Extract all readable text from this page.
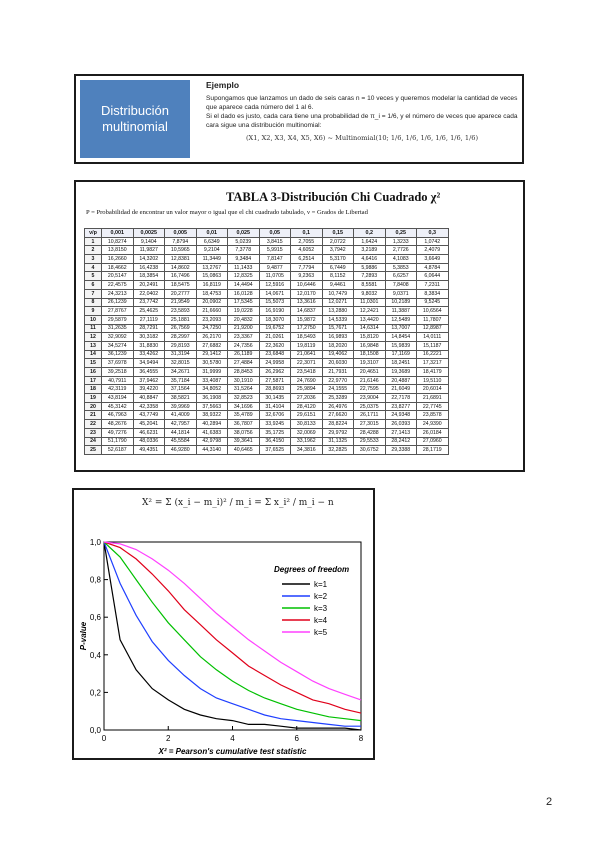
Distribución multinomial
Ejemplo

Supongamos que lanzamos un dado de seis caras n = 10 veces y queremos modelar la cantidad de veces que aparece cada número del 1 al 6.

Si el dado es justo, cada cara tiene una probabilidad de π_i = 1/6, y el número de veces que aparece cada cara sigue una distribución multinomial:

(X1, X2, X3, X4, X5, X6) ~ Multinomial(10; 1/6, 1/6, 1/6, 1/6, 1/6, 1/6)
TABLA 3-Distribución Chi Cuadrado χ²
P = Probabilidad de encontrar un valor mayor o igual que el chi cuadrado tabulado, ν = Grados de Libertad
ν/p	0,001	0,0025	0,005	0,01	0,025	0,05	0,1	0,15	0,2	0,25	0,3
1	10,8274	9,1404	7,8794	6,6349	5,0239	3,8415	2,7055	2,0722	1,6424	1,3233	1,0742
2	13,8150	11,9827	10,5965	9,2104	7,3778	5,9915	4,6052	3,7942	3,2189	2,7726	2,4079
3	16,2660	14,3202	12,8381	11,3449	9,3484	7,8147	6,2514	5,3170	4,6416	4,1083	3,6649
4	18,4662	16,4238	14,8602	13,2767	11,1433	9,4877	7,7794	6,7449	5,9886	5,3853	4,8784
5	20,5147	18,3854	16,7496	15,0863	12,8325	11,0705	9,2363	8,1152	7,2893	6,6257	6,0644
6	22,4575	20,2491	18,5475	16,8119	14,4494	12,5916	10,6446	9,4461	8,5581	7,8408	7,2311
7	24,3213	22,0402	20,2777	18,4753	16,0128	14,0671	12,0170	10,7479	9,8032	9,0371	8,3834
8	26,1239	23,7742	21,9549	20,0902	17,5345	15,5073	13,3616	12,0271	11,0301	10,2189	9,5245
9	27,8767	25,4625	23,5893	21,6660	19,0228	16,9190	14,6837	13,2880	12,2421	11,3887	10,6564
10	29,5879	27,1119	25,1881	23,2093	20,4832	18,3070	15,9872	14,5339	13,4420	12,5489	11,7807
11	31,2635	28,7291	26,7569	24,7250	21,9200	19,6752	17,2750	15,7671	14,6314	13,7007	12,8987
12	32,9092	30,3182	28,2997	26,2170	23,3367	21,0261	18,5493	16,9893	15,8120	14,8454	14,0111
13	34,5274	31,8830	29,8193	27,6882	24,7356	22,3620	19,8119	18,2020	16,9848	15,9839	15,1187
14	36,1239	33,4262	31,3194	29,1412	26,1189	23,6848	21,0641	19,4062	18,1508	17,1169	16,2221
15	37,6978	34,9494	32,8015	30,5780	27,4884	24,9958	22,3071	20,6030	19,3107	18,2451	17,3217
16	39,2518	36,4555	34,2671	31,9999	28,8453	26,2962	23,5418	21,7931	20,4651	19,3689	18,4179
17	40,7911	37,9462	35,7184	33,4087	30,1910	27,5871	24,7690	22,9770	21,6146	20,4887	19,5110
18	42,3119	39,4220	37,1564	34,8052	31,5264	28,8693	25,9894	24,1555	22,7595	21,6049	20,6014
19	43,8194	40,8847	38,5821	36,1908	32,8523	30,1435	27,2036	25,3289	23,9004	22,7178	21,6891
20	45,3142	42,3358	39,9969	37,5663	34,1696	31,4104	28,4120	26,4976	25,0375	23,8277	22,7745
21	46,7963	43,7749	41,4009	38,9322	35,4789	32,6706	29,6151	27,6620	26,1711	24,9348	23,8578
22	48,2676	45,2041	42,7957	40,2894	36,7807	33,9245	30,8133	28,8224	27,3015	26,0393	24,9390
23	49,7276	46,6231	44,1814	41,6383	38,0756	35,1725	32,0069	29,9792	28,4288	27,1413	26,0184
24	51,1790	48,0336	45,5584	42,9798	39,3641	36,4150	33,1962	31,1325	29,5533	28,2412	27,0960
25	52,6187	49,4351	46,9280	44,3140	40,6465	37,6525	34,3816	32,2825	30,6752	29,3388	28,1719
X² = Σ (x_i − m_i)² / m_i = Σ x_i² / m_i − n
0	2	4	6	8
0,0
0,2
0,4
0,6
0,8
1,0
Degrees of freedom
k=1
k=2
k=3
k=4
k=5
X² = Pearson's cumulative test statistic
P-value
2
